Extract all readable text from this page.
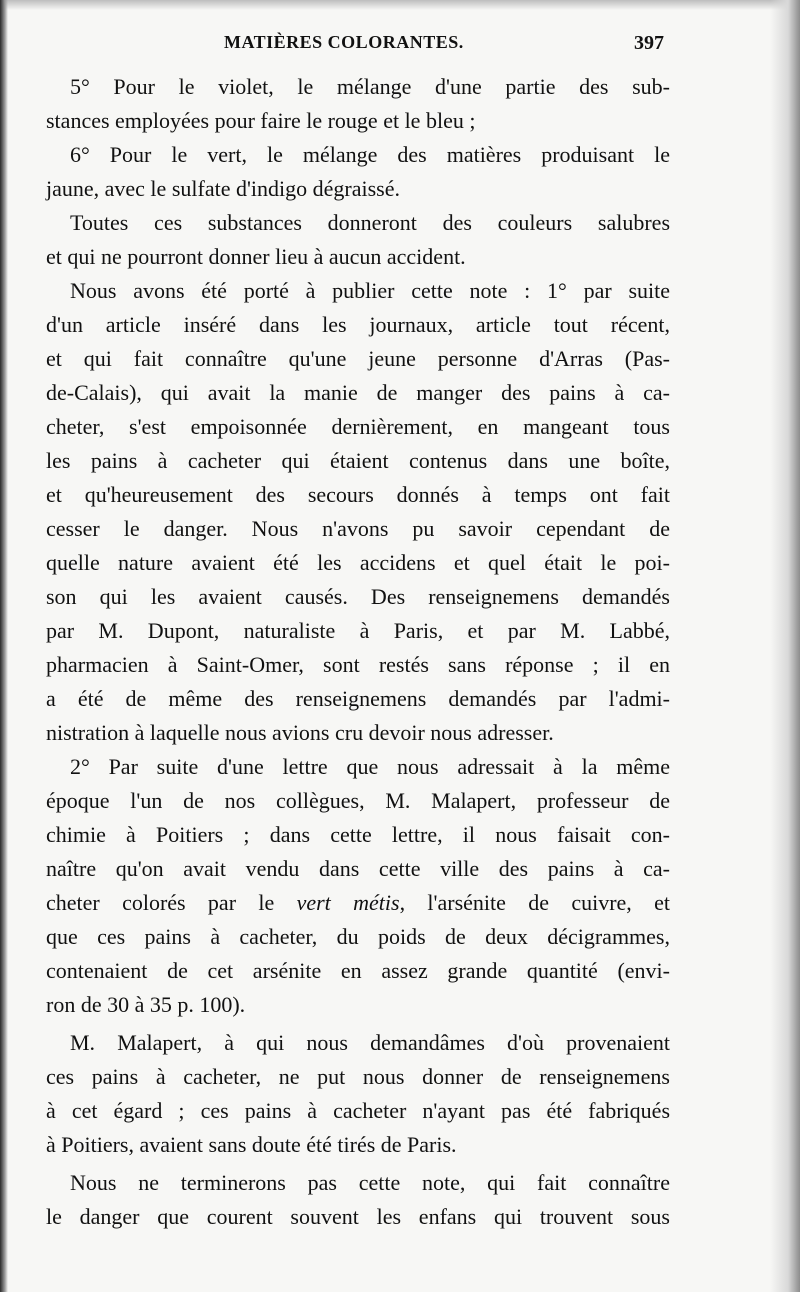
MATIÈRES COLORANTES.	397
5° Pour le violet, le mélange d'une partie des sub-
stances employées pour faire le rouge et le bleu ;
6° Pour le vert, le mélange des matières produisant le
jaune, avec le sulfate d'indigo dégraissé.
Toutes ces substances donneront des couleurs salubres
et qui ne pourront donner lieu à aucun accident.
Nous avons été porté à publier cette note : 1° par suite
d'un article inséré dans les journaux, article tout récent,
et qui fait connaître qu'une jeune personne d'Arras (Pas-
de-Calais), qui avait la manie de manger des pains à ca-
cheter, s'est empoisonnée dernièrement, en mangeant tous
les pains à cacheter qui étaient contenus dans une boîte,
et qu'heureusement des secours donnés à temps ont fait
cesser le danger. Nous n'avons pu savoir cependant de
quelle nature avaient été les accidens et quel était le poi-
son qui les avaient causés. Des renseignemens demandés
par M. Dupont, naturaliste à Paris, et par M. Labbé,
pharmacien à Saint-Omer, sont restés sans réponse ; il en
a été de même des renseignemens demandés par l'admi-
nistration à laquelle nous avions cru devoir nous adresser.
2° Par suite d'une lettre que nous adressait à la même
époque l'un de nos collègues, M. Malapert, professeur de
chimie à Poitiers ; dans cette lettre, il nous faisait con-
naître qu'on avait vendu dans cette ville des pains à ca-
cheter colorés par le vert métis, l'arsénite de cuivre, et
que ces pains à cacheter, du poids de deux décigrammes,
contenaient de cet arsénite en assez grande quantité (envi-
ron de 30 à 35 p. 100).
M. Malapert, à qui nous demandâmes d'où provenaient
ces pains à cacheter, ne put nous donner de renseignemens
à cet égard ; ces pains à cacheter n'ayant pas été fabriqués
à Poitiers, avaient sans doute été tirés de Paris.
Nous ne terminerons pas cette note, qui fait connaître
le danger que courent souvent les enfans qui trouvent sous
